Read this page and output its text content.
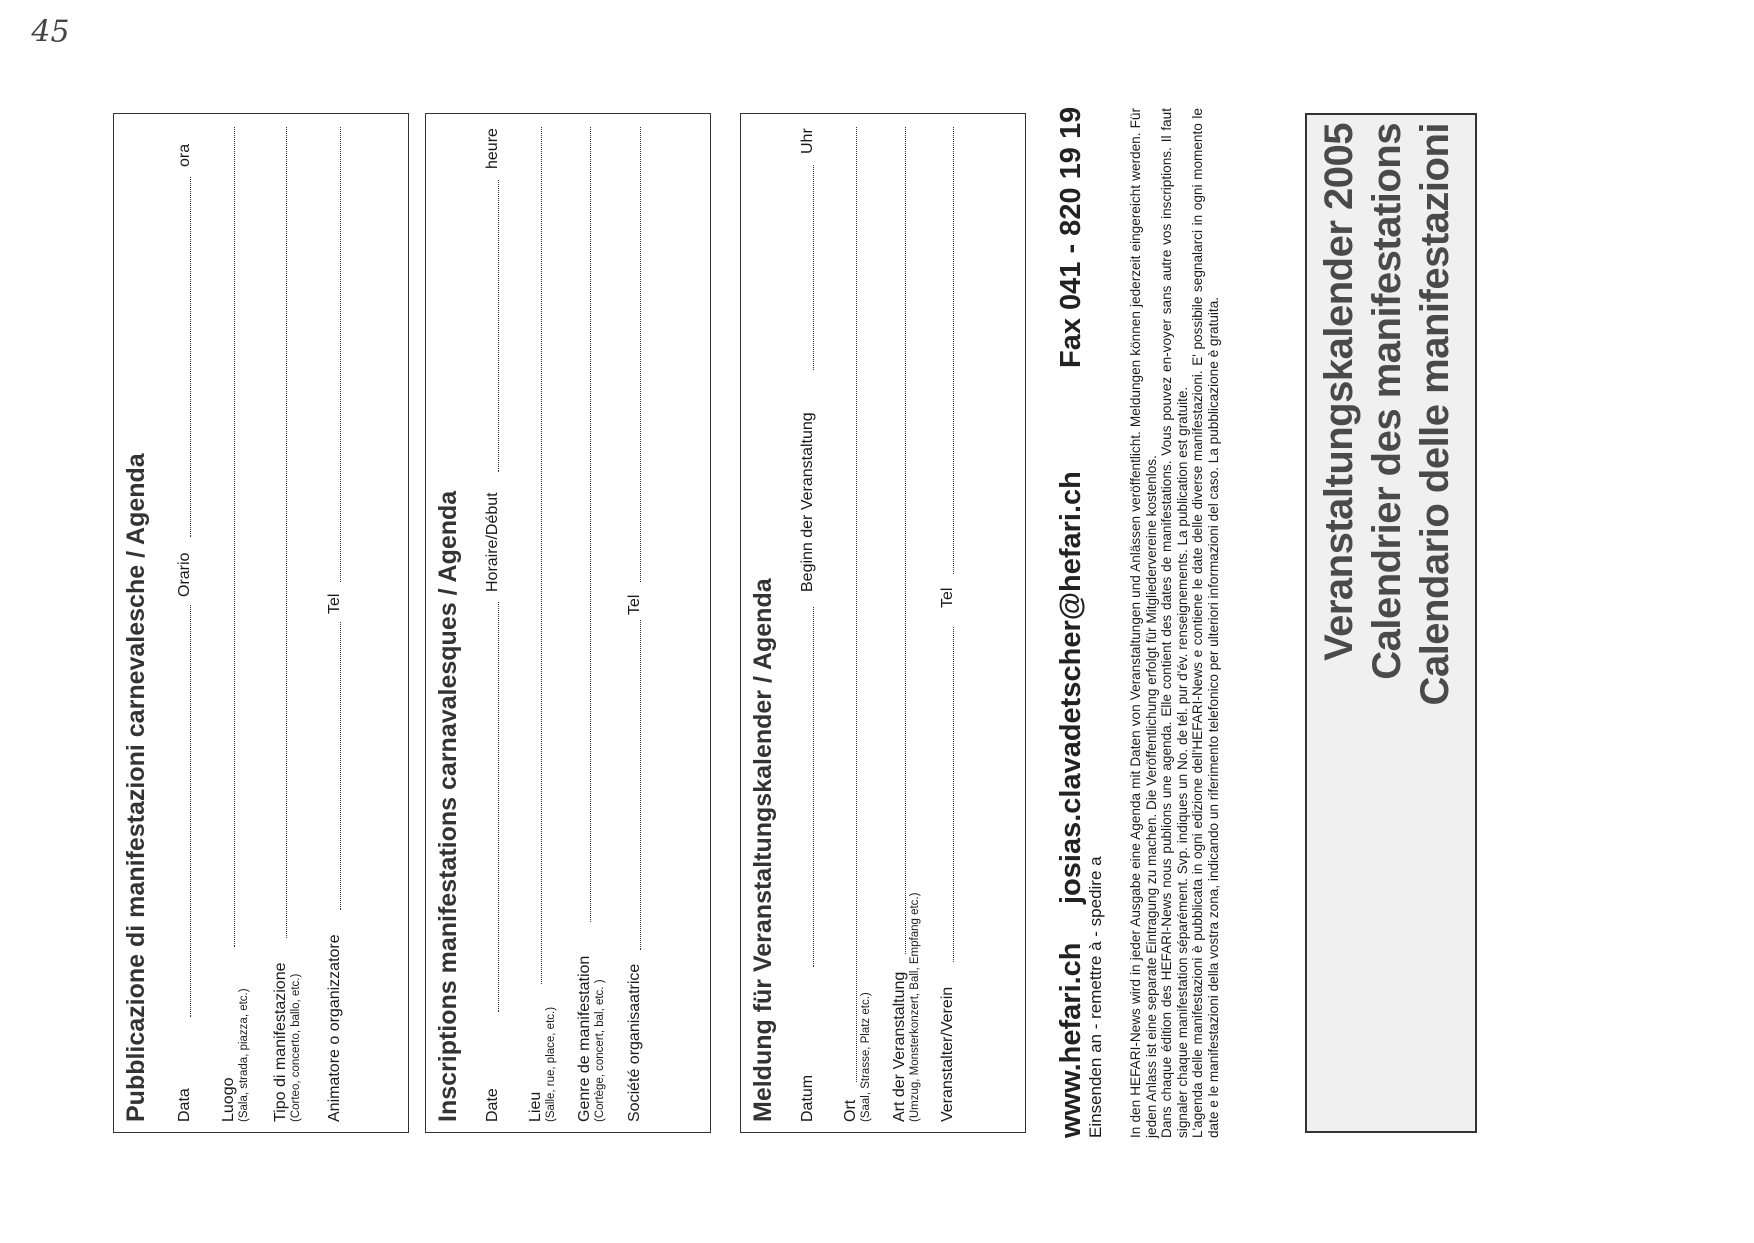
Veranstaltungskalender 2005 Calendrier des manifestations Calendario delle manifestazioni

In den HEFARI-News wird in jeder Ausgabe eine Agenda mit Daten von Veranstaltungen und Anlässen veröffentlicht. Meldungen können jederzeit eingereicht werden. Für jeden Anlass ist eine separate Eintragung zu machen. Die Veröffentlichung erfolgt für Mitgliedervereine kostenlos. Dans chaque édition des HEFARI-News nous publions une agenda. Elle contient des dates de manifestations. Vous pouvez en-voyer sans autre vos inscriptions. Il faut signaler chaque manifestation séparément. Svp. indiques un No. de tél. pur d'év. renseignements. La publication est gratuite. L'agenda delle manifestazioni è pubblicata in ogni edizione dell'HEFARI-News e contiene le date delle diverse manifestazioni. E' possibile segnalarci in ogni momento le date e le manifestazioni della vostra zona, indicando un riferimento telefonico per ulteriori informazioni del caso. La pubblicazione è gratuita.

Einsenden an - remettre à - spedire a
www.hefari.ch
josias.clavadetscher@hefari.ch
Fax 041 - 820 19 19
Meldung für Veranstaltungskalender / Agenda Datum
Beginn der Veranstaltung
Uhr
Ort (Saal, Strasse, Platz etc.) Art der Veranstaltung (Umzug, Monsterkonzert, Ball, Empfang etc.) Veranstalter/Verein
Tel
Inscriptions manifestations carnavalesques / Agenda Date
Horaire/Début
heure
Lieu (Salle, rue, place, etc.) Genre de manifestation (Cortège, concert, bal, etc. ) Société organisaatrice
Tel
Pubblicazione di manifestazioni carnevalesche / Agenda Data
Orario
ora
Luogo (Sala, strada, piazza, etc.) Tipo di manifestazione (Corteo, concerto, ballo, etc.) Animatore o organizzatore
Tel
45
